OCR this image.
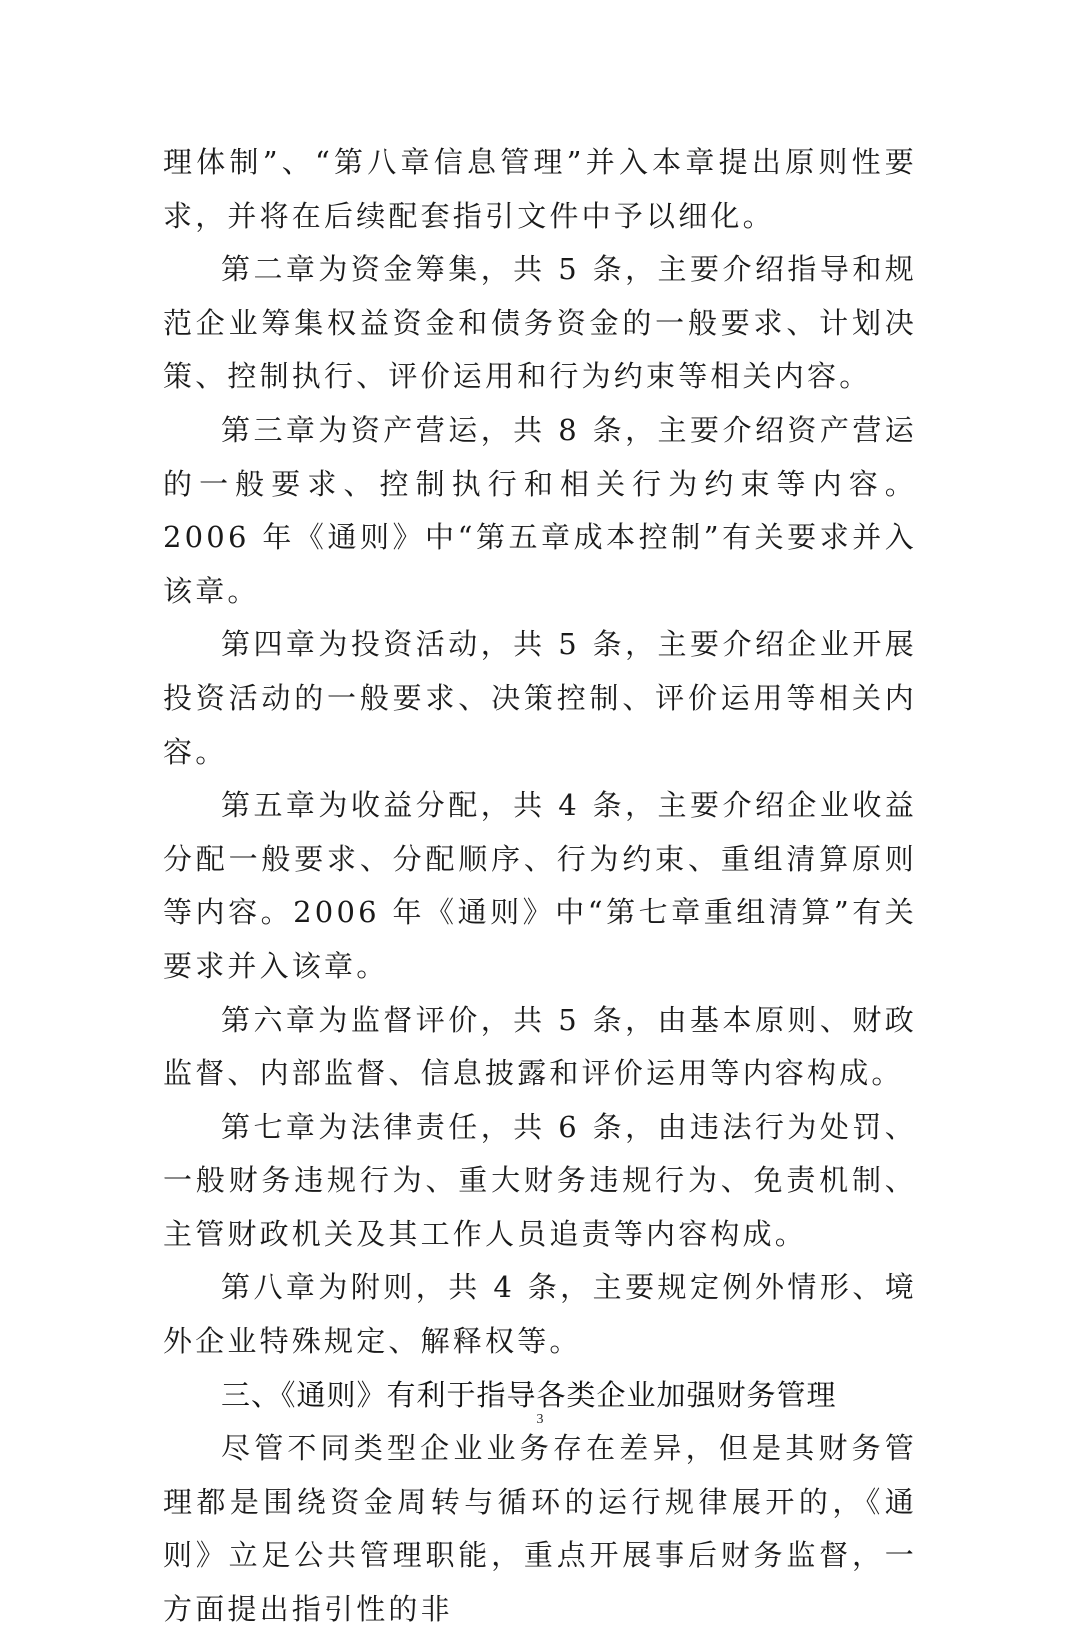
理体制”、“第八章信息管理”并入本章提出原则性要求，并将在后续配套指引文件中予以细化。

第二章为资金筹集，共 5 条，主要介绍指导和规范企业筹集权益资金和债务资金的一般要求、计划决策、控制执行、评价运用和行为约束等相关内容。

第三章为资产营运，共 8 条，主要介绍资产营运的一般要求、控制执行和相关行为约束等内容。2006 年《通则》中“第五章成本控制”有关要求并入该章。

第四章为投资活动，共 5 条，主要介绍企业开展投资活动的一般要求、决策控制、评价运用等相关内容。

第五章为收益分配，共 4 条，主要介绍企业收益分配一般要求、分配顺序、行为约束、重组清算原则等内容。2006 年《通则》中“第七章重组清算”有关要求并入该章。

第六章为监督评价，共 5 条，由基本原则、财政监督、内部监督、信息披露和评价运用等内容构成。

第七章为法律责任，共 6 条，由违法行为处罚、一般财务违规行为、重大财务违规行为、免责机制、主管财政机关及其工作人员追责等内容构成。

第八章为附则，共 4 条，主要规定例外情形、境外企业特殊规定、解释权等。

三、《通则》有利于指导各类企业加强财务管理

尽管不同类型企业业务存在差异，但是其财务管理都是围绕资金周转与循环的运行规律展开的，《通则》立足公共管理职能，重点开展事后财务监督，一方面提出指引性的非

3
